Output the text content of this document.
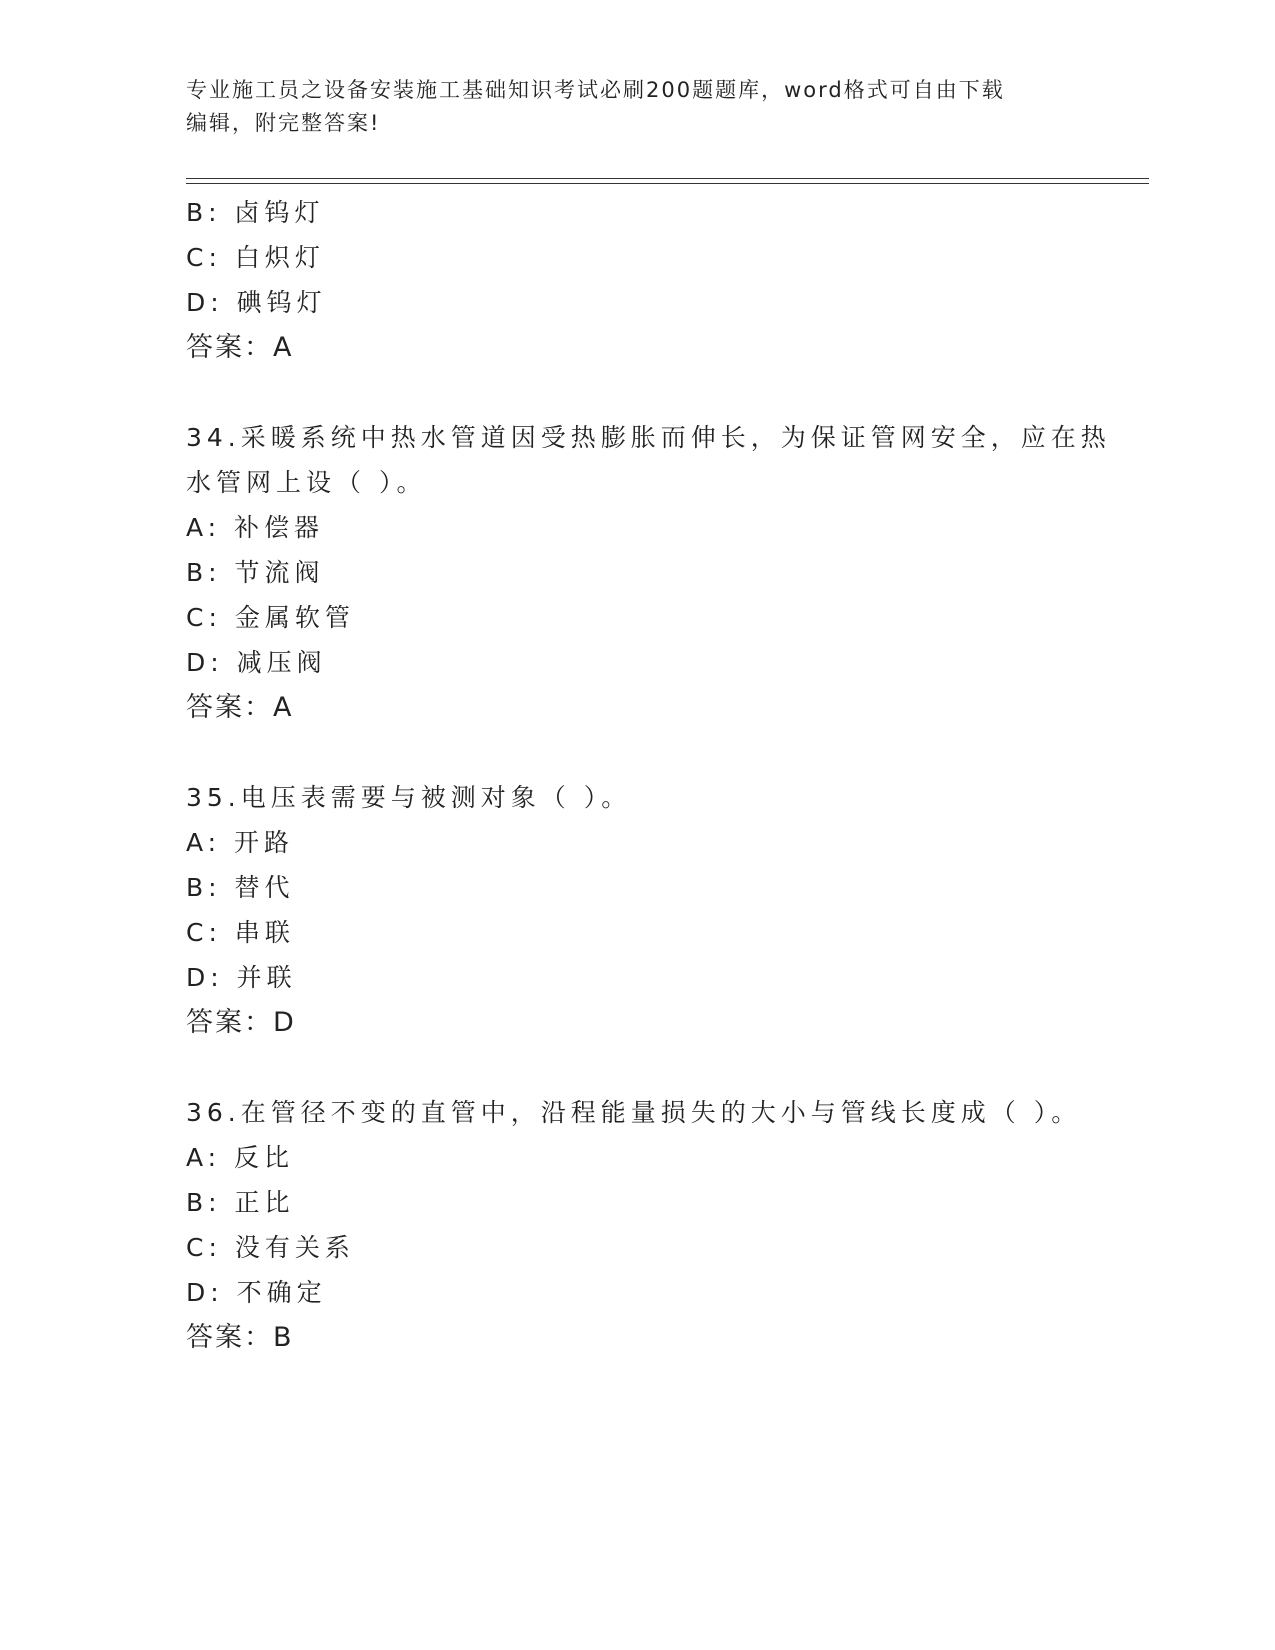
专业施工员之设备安装施工基础知识考试必刷200题题库，word格式可自由下载
编辑，附完整答案!
B: 卤钨灯
C: 白炽灯
D: 碘钨灯
答案：A
34.采暖系统中热水管道因受热膨胀而伸长，为保证管网安全，应在热
水管网上设（ ）。
A: 补偿器
B: 节流阀
C: 金属软管
D: 减压阀
答案：A
35.电压表需要与被测对象（ ）。
A: 开路
B: 替代
C: 串联
D: 并联
答案：D
36.在管径不变的直管中，沿程能量损失的大小与管线长度成（ ）。
A: 反比
B: 正比
C: 没有关系
D: 不确定
答案：B
